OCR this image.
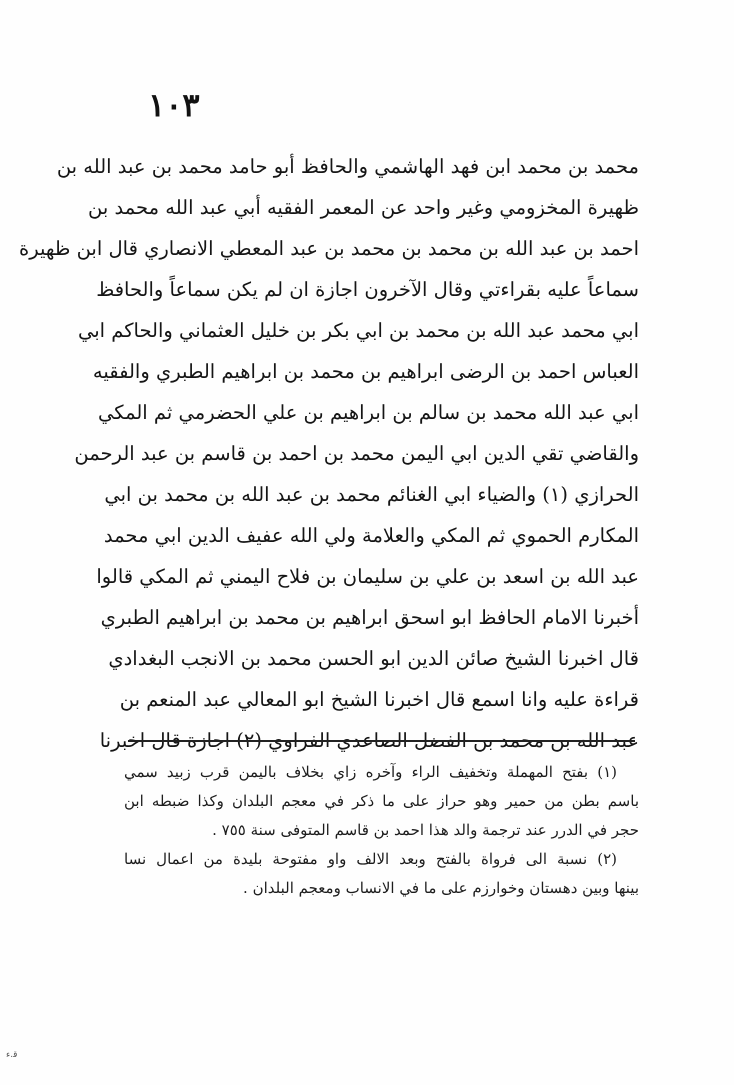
١٠٣
محمد بن محمد ابن فهد الهاشمي والحافظ أبو حامد محمد بن عبد الله بن
ظهيرة المخزومي وغير واحد عن المعمر الفقيه أبي عبد الله محمد بن
احمد بن عبد الله بن محمد بن محمد بن عبد المعطي الانصاري قال ابن ظهيرة
سماعاً عليه بقراءتي وقال الآخرون اجازة ان لم يكن سماعاً والحافظ
ابي محمد عبد الله بن محمد بن ابي بكر بن خليل العثماني والحاكم ابي
العباس احمد بن الرضى ابراهيم بن محمد بن ابراهيم الطبري والفقيه
ابي عبد الله محمد بن سالم بن ابراهيم بن علي الحضرمي ثم المكي
والقاضي تقي الدين ابي اليمن محمد بن احمد بن قاسم بن عبد الرحمن
الحرازي (١) والضياء ابي الغنائم محمد بن عبد الله بن محمد بن ابي
المكارم الحموي ثم المكي والعلامة ولي الله عفيف الدين ابي محمد
عبد الله بن اسعد بن علي بن سليمان بن فلاح اليمني ثم المكي قالوا
أخبرنا الامام الحافظ ابو اسحق ابراهيم بن محمد بن ابراهيم الطبري
قال اخبرنا الشيخ صائن الدين ابو الحسن محمد بن الانجب البغدادي
قراءة عليه وانا اسمع قال اخبرنا الشيخ ابو المعالي عبد المنعم بن
عبد الله بن محمد بن الفضل الصاعدي الفراوي (٢) اجازة قال اخبرنا
(١) بفتح المهملة وتخفيف الراء وآخره زاي بخلاف باليمن قرب زبيد سمي
باسم بطن من حمير وهو حراز على ما ذكر في معجم البلدان وكذا ضبطه ابن
حجر في الدرر عند ترجمة والد هذا احمد بن قاسم المتوفى سنة ٧٥٥ .
(٢) نسبة الى فرواة بالفتح وبعد الالف واو مفتوحة بليدة من اعمال نسا
بينها وبين دهستان وخوارزم على ما في الانساب ومعجم البلدان .
ﻗ.ﺀ
